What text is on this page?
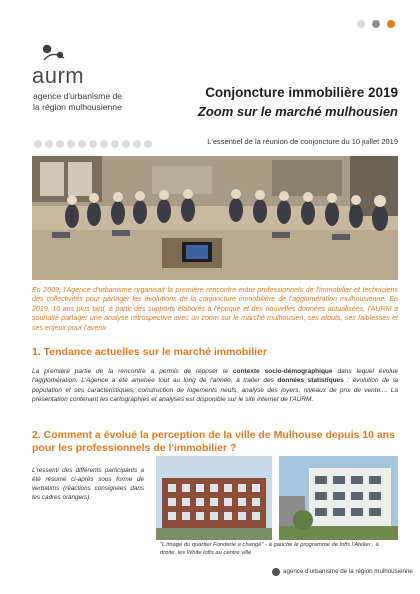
aurm
agence d'urbanisme de
la région mulhousienne
Conjoncture immobilière 2019
Zoom sur le marché mulhousien
L'essentiel de la réunion de conjoncture du 10 juillet 2019
En 2009, l'Agence d'urbanisme organisait la première rencontre entre professionnels de l'immobilier et techniciens des collectivités pour partager les évolutions de la conjoncture immobilière de l'agglomération mulhousienne. En 2019, 10 ans plus tard, à partir des supports élaborés à l'époque et des nouvelles données actualisées, l'AURM a souhaité partager une analyse rétrospective avec un zoom sur le marché mulhousien, ses atouts, ses faiblesses et ses enjeux pour l'avenir.
1. Tendance actuelles sur le marché immobilier
La première partie de la rencontre a permis de reposer le contexte socio-démographique dans lequel évolue l'agglomération. L'Agence a été amenée tout au long de l'année, à traiter des données statistiques : évolution de la population et ses caractéristiques, construction de logements neufs, analyse des loyers, niveaux de prix de vente.... La présentation contenant les cartographies et analyses est disponible sur le site internet de l'AURM.
2. Comment a évolué la perception de la ville de Mulhouse depuis 10 ans pour les professionnels de l'immobilier ?
L'ressenti des différents participants a été résumé ci-après sous forme de verbatims (réactions consignées dans les cadres orangers).
"L'image du quartier Fonderie a changé" - à gauche le programme de lofts l'Atelier , à droite, les White lofts au centre ville
agence d'urbanisme de la région mulhousienne
